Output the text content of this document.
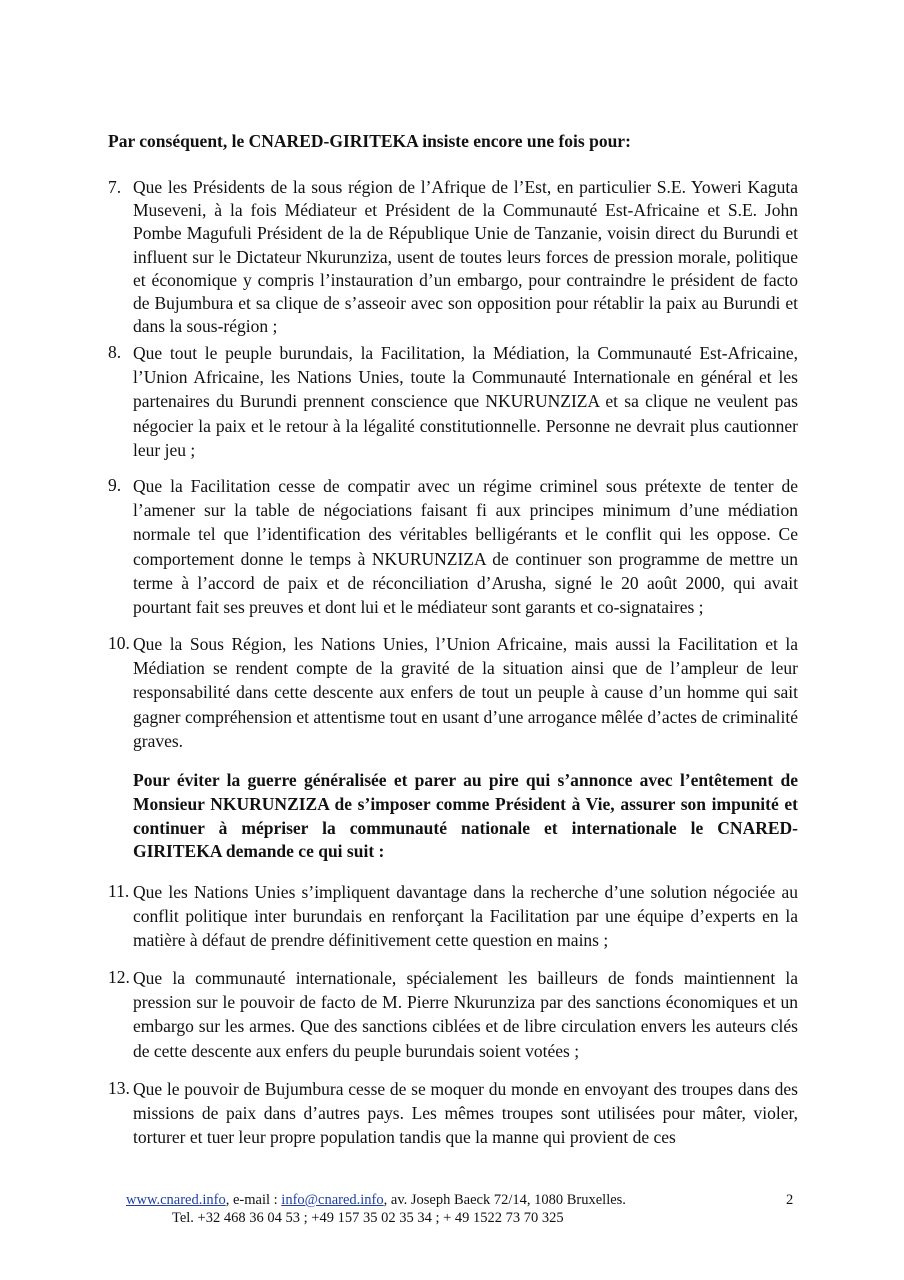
Par conséquent, le CNARED-GIRITEKA insiste encore une fois pour:

7. Que les Présidents de la sous région de l’Afrique de l’Est, en particulier S.E. Yoweri Kaguta Museveni, à la fois Médiateur et Président de la Communauté Est-Africaine et S.E. John Pombe Magufuli Président de la de République Unie de Tanzanie, voisin direct du Burundi et influent sur le Dictateur Nkurunziza, usent de toutes leurs forces de pression morale, politique et économique y compris l’instauration d’un embargo, pour contraindre le président de facto de Bujumbura et sa clique de s’asseoir avec son opposition pour rétablir la paix au Burundi et dans la sous-région ;
8. Que tout le peuple burundais, la Facilitation, la Médiation, la Communauté Est-Africaine, l’Union Africaine, les Nations Unies, toute la Communauté Internationale en général et les partenaires du Burundi prennent conscience que NKURUNZIZA et sa clique ne veulent pas négocier la paix et le retour à la légalité constitutionnelle. Personne ne devrait plus cautionner leur jeu ;
9. Que la Facilitation cesse de compatir avec un régime criminel sous prétexte de tenter de l’amener sur la table de négociations faisant fi aux principes minimum d’une médiation normale tel que l’identification des véritables belligérants et le conflit qui les oppose. Ce comportement donne le temps à NKURUNZIZA de continuer son programme de mettre un terme à l’accord de paix et de réconciliation d’Arusha, signé le 20 août 2000, qui avait pourtant fait ses preuves et dont lui et le médiateur sont garants et co-signataires ;
10. Que la Sous Région, les Nations Unies, l’Union Africaine, mais aussi la Facilitation et la Médiation se rendent compte de la gravité de la situation ainsi que de l’ampleur de leur responsabilité dans cette descente aux enfers de tout un peuple à cause d’un homme qui sait gagner compréhension et attentisme tout en usant d’une arrogance mêlée d’actes de criminalité graves.

Pour éviter la guerre généralisée et parer au pire qui s’annonce avec l’entêtement de Monsieur NKURUNZIZA de s’imposer comme Président à Vie, assurer son impunité et continuer à mépriser la communauté nationale et internationale le CNARED-GIRITEKA demande ce qui suit :

11. Que les Nations Unies s’impliquent davantage dans la recherche d’une solution négociée au conflit politique inter burundais en renforçant la Facilitation par une équipe d’experts en la matière à défaut de prendre définitivement cette question en mains ;
12. Que la communauté internationale, spécialement les bailleurs de fonds maintiennent la pression sur le pouvoir de facto de M. Pierre Nkurunziza par des sanctions économiques et un embargo sur les armes. Que des sanctions ciblées et de libre circulation envers les auteurs clés de cette descente aux enfers du peuple burundais soient votées ;
13. Que le pouvoir de Bujumbura cesse de se moquer du monde en envoyant des troupes dans des missions de paix dans d’autres pays. Les mêmes troupes sont utilisées pour mâter, violer, torturer et tuer leur propre population tandis que la manne qui provient de ces
www.cnared.info, e-mail : info@cnared.info, av. Joseph Baeck 72/14, 1080 Bruxelles.
Tel. +32 468 36 04 53 ; +49 157 35 02 35 34 ; + 49 1522 73 70 325
2
